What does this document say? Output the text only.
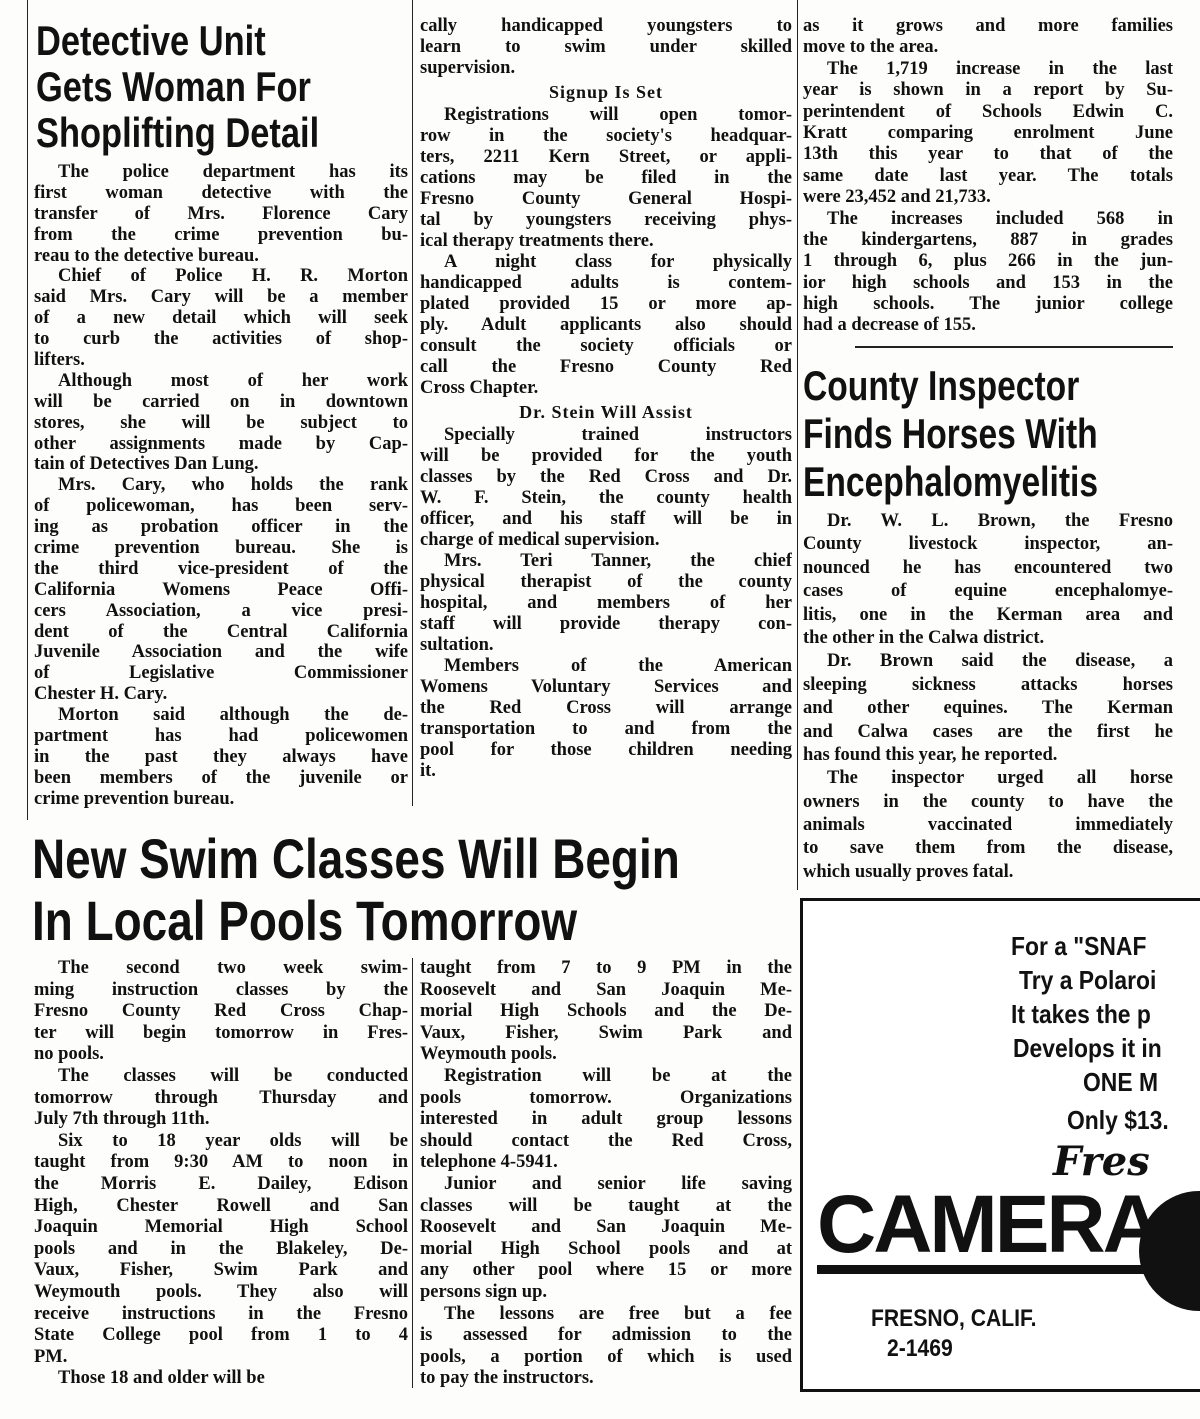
Detective Unit
Gets Woman For
Shoplifting Detail
The police department has its
first woman detective with the
transfer of Mrs. Florence Cary
from the crime prevention bu-
reau to the detective bureau.
Chief of Police H. R. Morton
said Mrs. Cary will be a member
of a new detail which will seek
to curb the activities of shop-
lifters.
Although most of her work
will be carried on in downtown
stores, she will be subject to
other assignments made by Cap-
tain of Detectives Dan Lung.
Mrs. Cary, who holds the rank
of policewoman, has been serv-
ing as probation officer in the
crime prevention bureau. She is
the third vice-president of the
California Womens Peace Offi-
cers Association, a vice presi-
dent of the Central California
Juvenile Association and the wife
of Legislative Commissioner
Chester H. Cary.
Morton said although the de-
partment has had policewomen
in the past they always have
been members of the juvenile or
crime prevention bureau.
cally handicapped youngsters to
learn to swim under skilled
supervision.
Signup Is Set
Registrations will open tomor-
row in the society's headquar-
ters, 2211 Kern Street, or appli-
cations may be filed in the
Fresno County General Hospi-
tal by youngsters receiving phys-
ical therapy treatments there.
A night class for physically
handicapped adults is contem-
plated provided 15 or more ap-
ply. Adult applicants also should
consult the society officials or
call the Fresno County Red
Cross Chapter.
Dr. Stein Will Assist
Specially trained instructors
will be provided for the youth
classes by the Red Cross and Dr.
W. F. Stein, the county health
officer, and his staff will be in
charge of medical supervision.
Mrs. Teri Tanner, the chief
physical therapist of the county
hospital, and members of her
staff will provide therapy con-
sultation.
Members of the American
Womens Voluntary Services and
the Red Cross will arrange
transportation to and from the
pool for those children needing
it.
as it grows and more families
move to the area.
The 1,719 increase in the last
year is shown in a report by Su-
perintendent of Schools Edwin C.
Kratt comparing enrolment June
13th this year to that of the
same date last year. The totals
were 23,452 and 21,733.
The increases included 568 in
the kindergartens, 887 in grades
1 through 6, plus 266 in the jun-
ior high schools and 153 in the
high schools. The junior college
had a decrease of 155.
County Inspector
Finds Horses With
Encephalomyelitis
Dr. W. L. Brown, the Fresno
County livestock inspector, an-
nounced he has encountered two
cases of equine encephalomye-
litis, one in the Kerman area and
the other in the Calwa district.
Dr. Brown said the disease, a
sleeping sickness attacks horses
and other equines. The Kerman
and Calwa cases are the first he
has found this year, he reported.
The inspector urged all horse
owners in the county to have the
animals vaccinated immediately
to save them from the disease,
which usually proves fatal.
New Swim Classes Will Begin
In Local Pools Tomorrow
The second two week swim-
ming instruction classes by the
Fresno County Red Cross Chap-
ter will begin tomorrow in Fres-
no pools.
The classes will be conducted
tomorrow through Thursday and
July 7th through 11th.
Six to 18 year olds will be
taught from 9:30 AM to noon in
the Morris E. Dailey, Edison
High, Chester Rowell and San
Joaquin Memorial High School
pools and in the Blakeley, De-
Vaux, Fisher, Swim Park and
Weymouth pools. They also will
receive instructions in the Fresno
State College pool from 1 to 4
PM.
Those 18 and older will be
taught from 7 to 9 PM in the
Roosevelt and San Joaquin Me-
morial High Schools and the De-
Vaux, Fisher, Swim Park and
Weymouth pools.
Registration will be at the
pools tomorrow. Organizations
interested in adult group lessons
should contact the Red Cross,
telephone 4-5941.
Junior and senior life saving
classes will be taught at the
Roosevelt and San Joaquin Me-
morial High School pools and at
any other pool where 15 or more
persons sign up.
The lessons are free but a fee
is assessed for admission to the
pools, a portion of which is used
to pay the instructors.
For a "SNAF
Try a Polaroi
It takes the p
Develops it in
ONE M
Only $13.
Fres
CAMERA
FRESNO, CALIF.
2-1469
